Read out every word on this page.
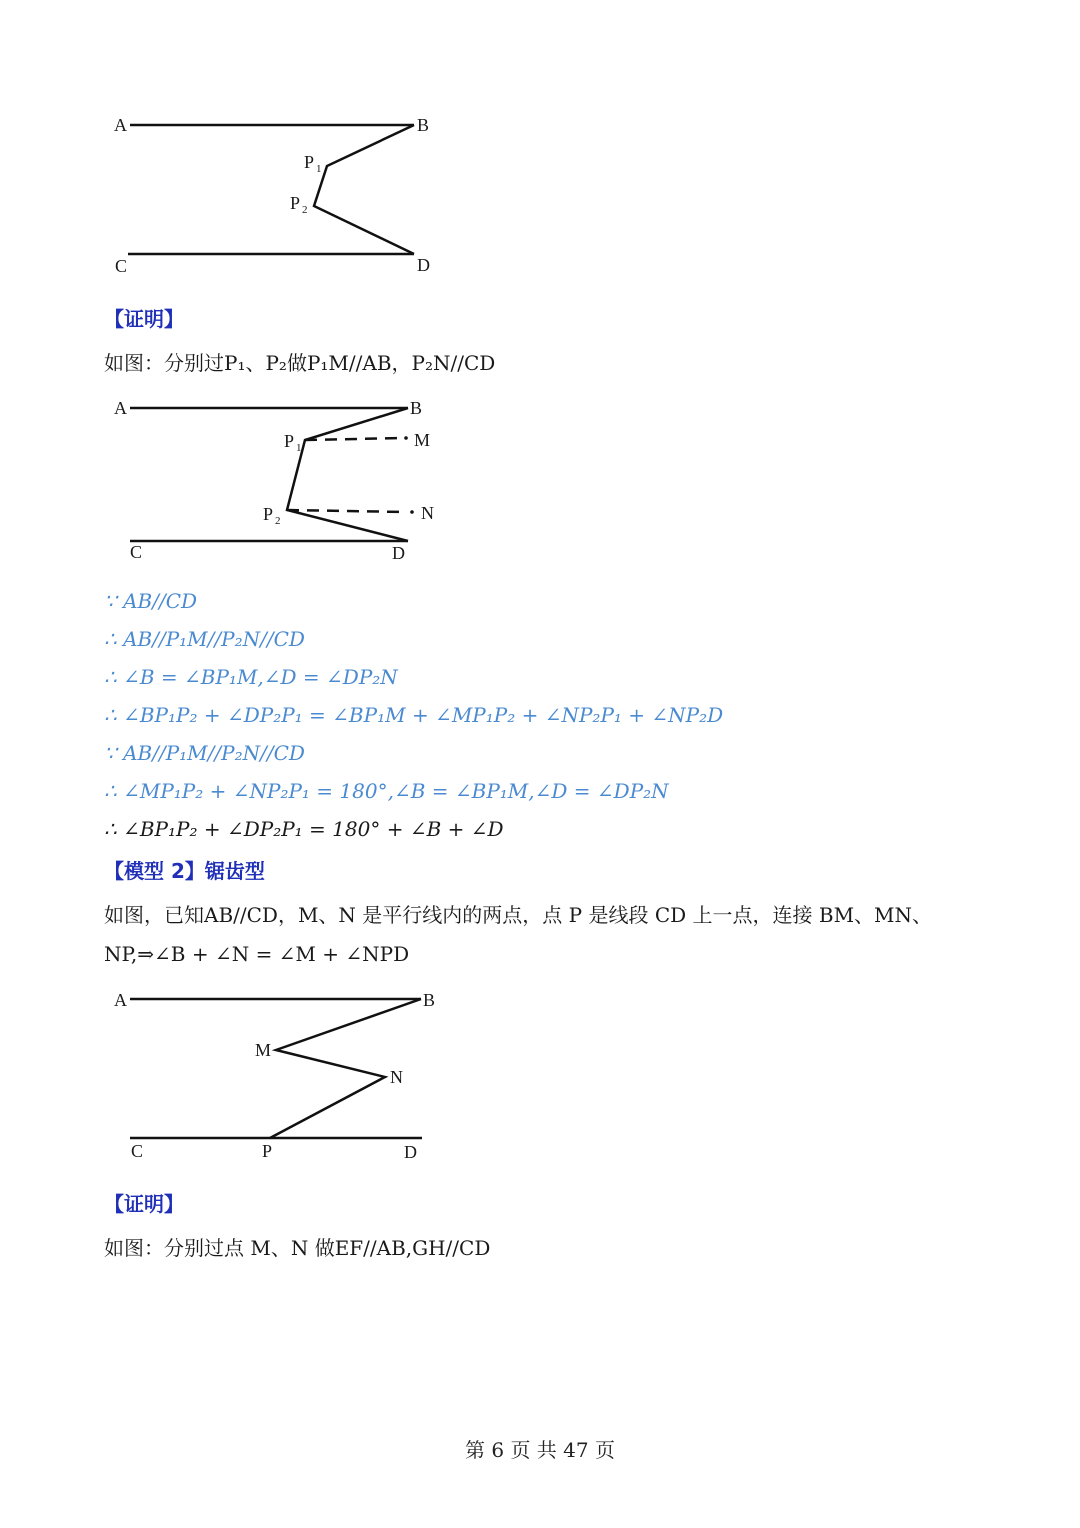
A	B
P 1
P 2
C	D
【证明】
如图：分别过P₁、P₂做P₁M//AB，P₂N//CD
A	B
P 1	M
P 2	N
C	D
∵ AB//CD
∴ AB//P₁M//P₂N//CD
∴ ∠B = ∠BP₁M,∠D = ∠DP₂N
∴ ∠BP₁P₂ + ∠DP₂P₁ = ∠BP₁M + ∠MP₁P₂ + ∠NP₂P₁ + ∠NP₂D
∵ AB//P₁M//P₂N//CD
∴ ∠MP₁P₂ + ∠NP₂P₁ = 180°,∠B = ∠BP₁M,∠D = ∠DP₂N
∴ ∠BP₁P₂ + ∠DP₂P₁ = 180° + ∠B + ∠D
【模型 2】锯齿型
如图，已知AB//CD，M、N 是平行线内的两点，点 P 是线段 CD 上一点，连接 BM、MN、
NP,⇒∠B + ∠N = ∠M + ∠NPD
A	B
M
N
C	P	D
【证明】
如图：分别过点 M、N 做EF//AB,GH//CD
第 6 页 共 47 页
